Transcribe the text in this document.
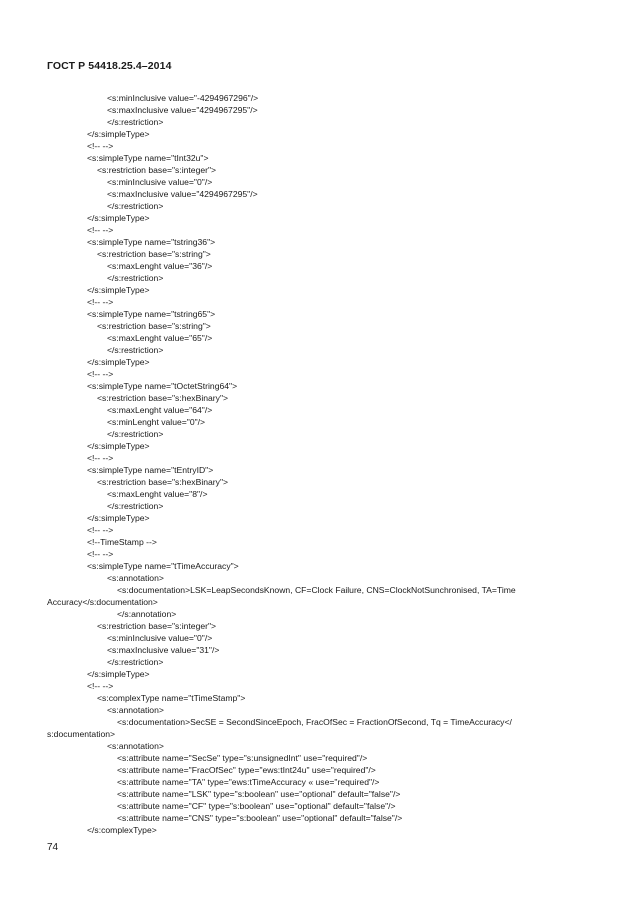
ГОСТ Р 54418.25.4–2014
<s:minInclusive value="-4294967296"/>
<s:maxInclusive value="4294967295"/>
</s:restriction>
</s:simpleType>
<!-- -->
<s:simpleType name="tInt32u">
<s:restriction base="s:integer">
<s:minInclusive value="0"/>
<s:maxInclusive value="4294967295"/>
</s:restriction>
</s:simpleType>
<!-- -->
<s:simpleType name="tstring36">
<s:restriction base="s:string">
<s:maxLenght value="36"/>
</s:restriction>
</s:simpleType>
<!-- -->
<s:simpleType name="tstring65">
<s:restriction base="s:string">
<s:maxLenght value="65"/>
</s:restriction>
</s:simpleType>
<!-- -->
<s:simpleType name="tOctetString64">
<s:restriction base="s:hexBinary">
<s:maxLenght value="64"/>
<s:minLenght value="0"/>
</s:restriction>
</s:simpleType>
<!-- -->
<s:simpleType name="tEntryID">
<s:restriction base="s:hexBinary">
<s:maxLenght value="8"/>
</s:restriction>
</s:simpleType>
<!-- -->
<!--TimeStamp -->
<!-- -->
<s:simpleType name="tTimeAccuracy">
<s:annotation>
<s:documentation>LSK=LeapSecondsKnown, CF=Clock Failure, CNS=ClockNotSunchronised, TA=Time
Accuracy</s:documentation>
</s:annotation>
<s:restriction base="s:integer">
<s:minInclusive value="0"/>
<s:maxInclusive value="31"/>
</s:restriction>
</s:simpleType>
<!-- -->
<s:complexType name="tTimeStamp">
<s:annotation>
<s:documentation>SecSE = SecondSinceEpoch, FracOfSec = FractionOfSecond, Tq = TimeAccuracy</
s:documentation>
<s:annotation>
<s:attribute name="SecSe" type="s:unsignedInt" use="required"/>
<s:attribute name="FracOfSec" type="ews:tInt24u" use="required"/>
<s:attribute name="TA" type="ews:tTimeAccuracy « use="required"/>
<s:attribute name="LSK" type="s:boolean" use="optional" default="false"/>
<s:attribute name="CF" type="s:boolean" use="optional" default="false"/>
<s:attribute name="CNS" type="s:boolean" use="optional" default="false"/>
</s:complexType>
74
